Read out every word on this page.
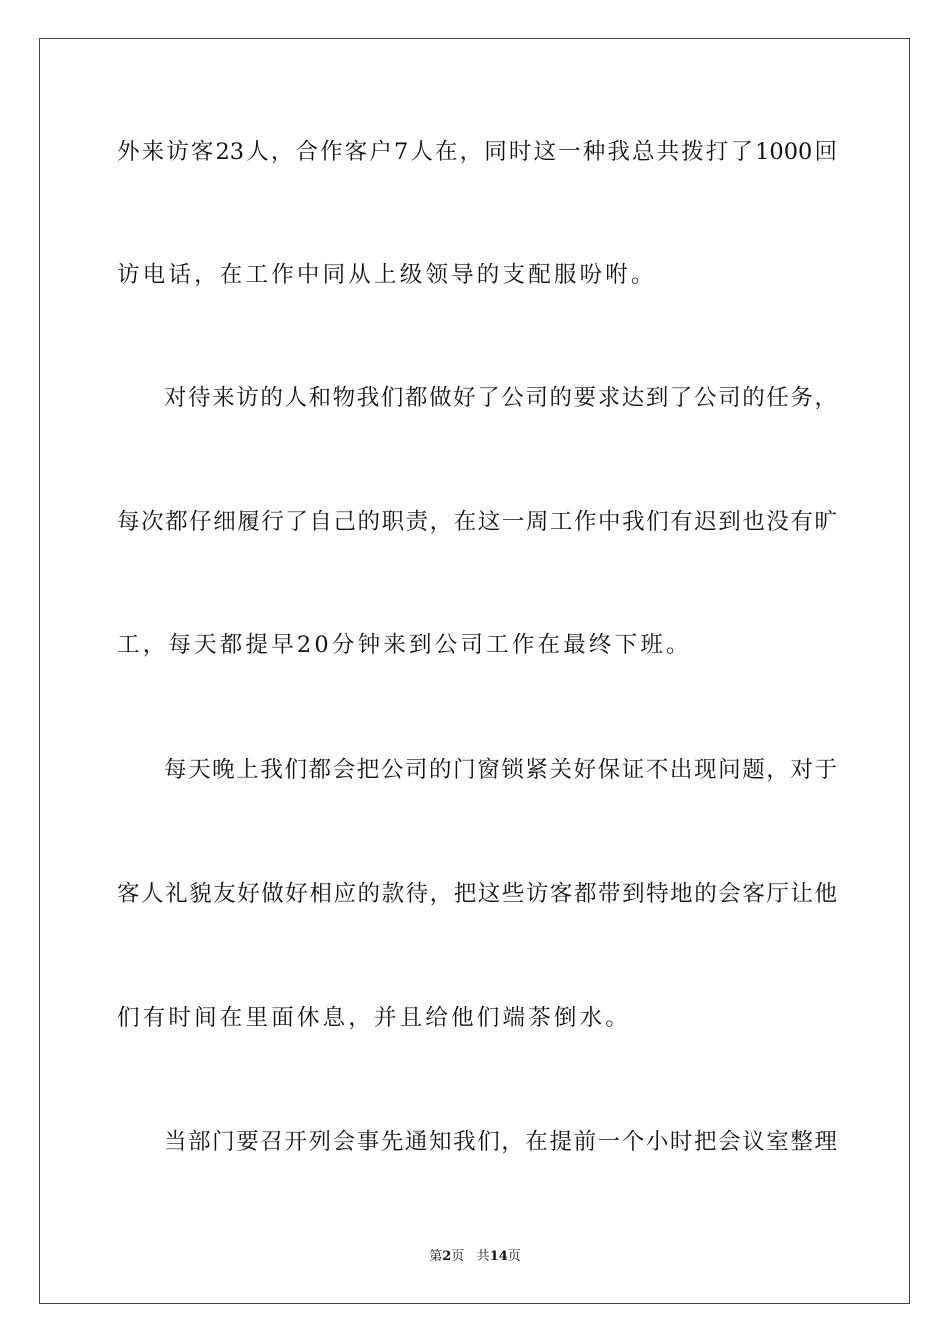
外来访客23人，合作客户7人在，同时这一种我总共拨打了1000回
访电话，在工作中同从上级领导的支配服吩咐。
对待来访的人和物我们都做好了公司的要求达到了公司的任务，
每次都仔细履行了自己的职责，在这一周工作中我们有迟到也没有旷
工，每天都提早20分钟来到公司工作在最终下班。
每天晚上我们都会把公司的门窗锁紧关好保证不出现问题，对于
客人礼貌友好做好相应的款待，把这些访客都带到特地的会客厅让他
们有时间在里面休息，并且给他们端茶倒水。
当部门要召开列会事先通知我们，在提前一个小时把会议室整理
第2页 共14页
